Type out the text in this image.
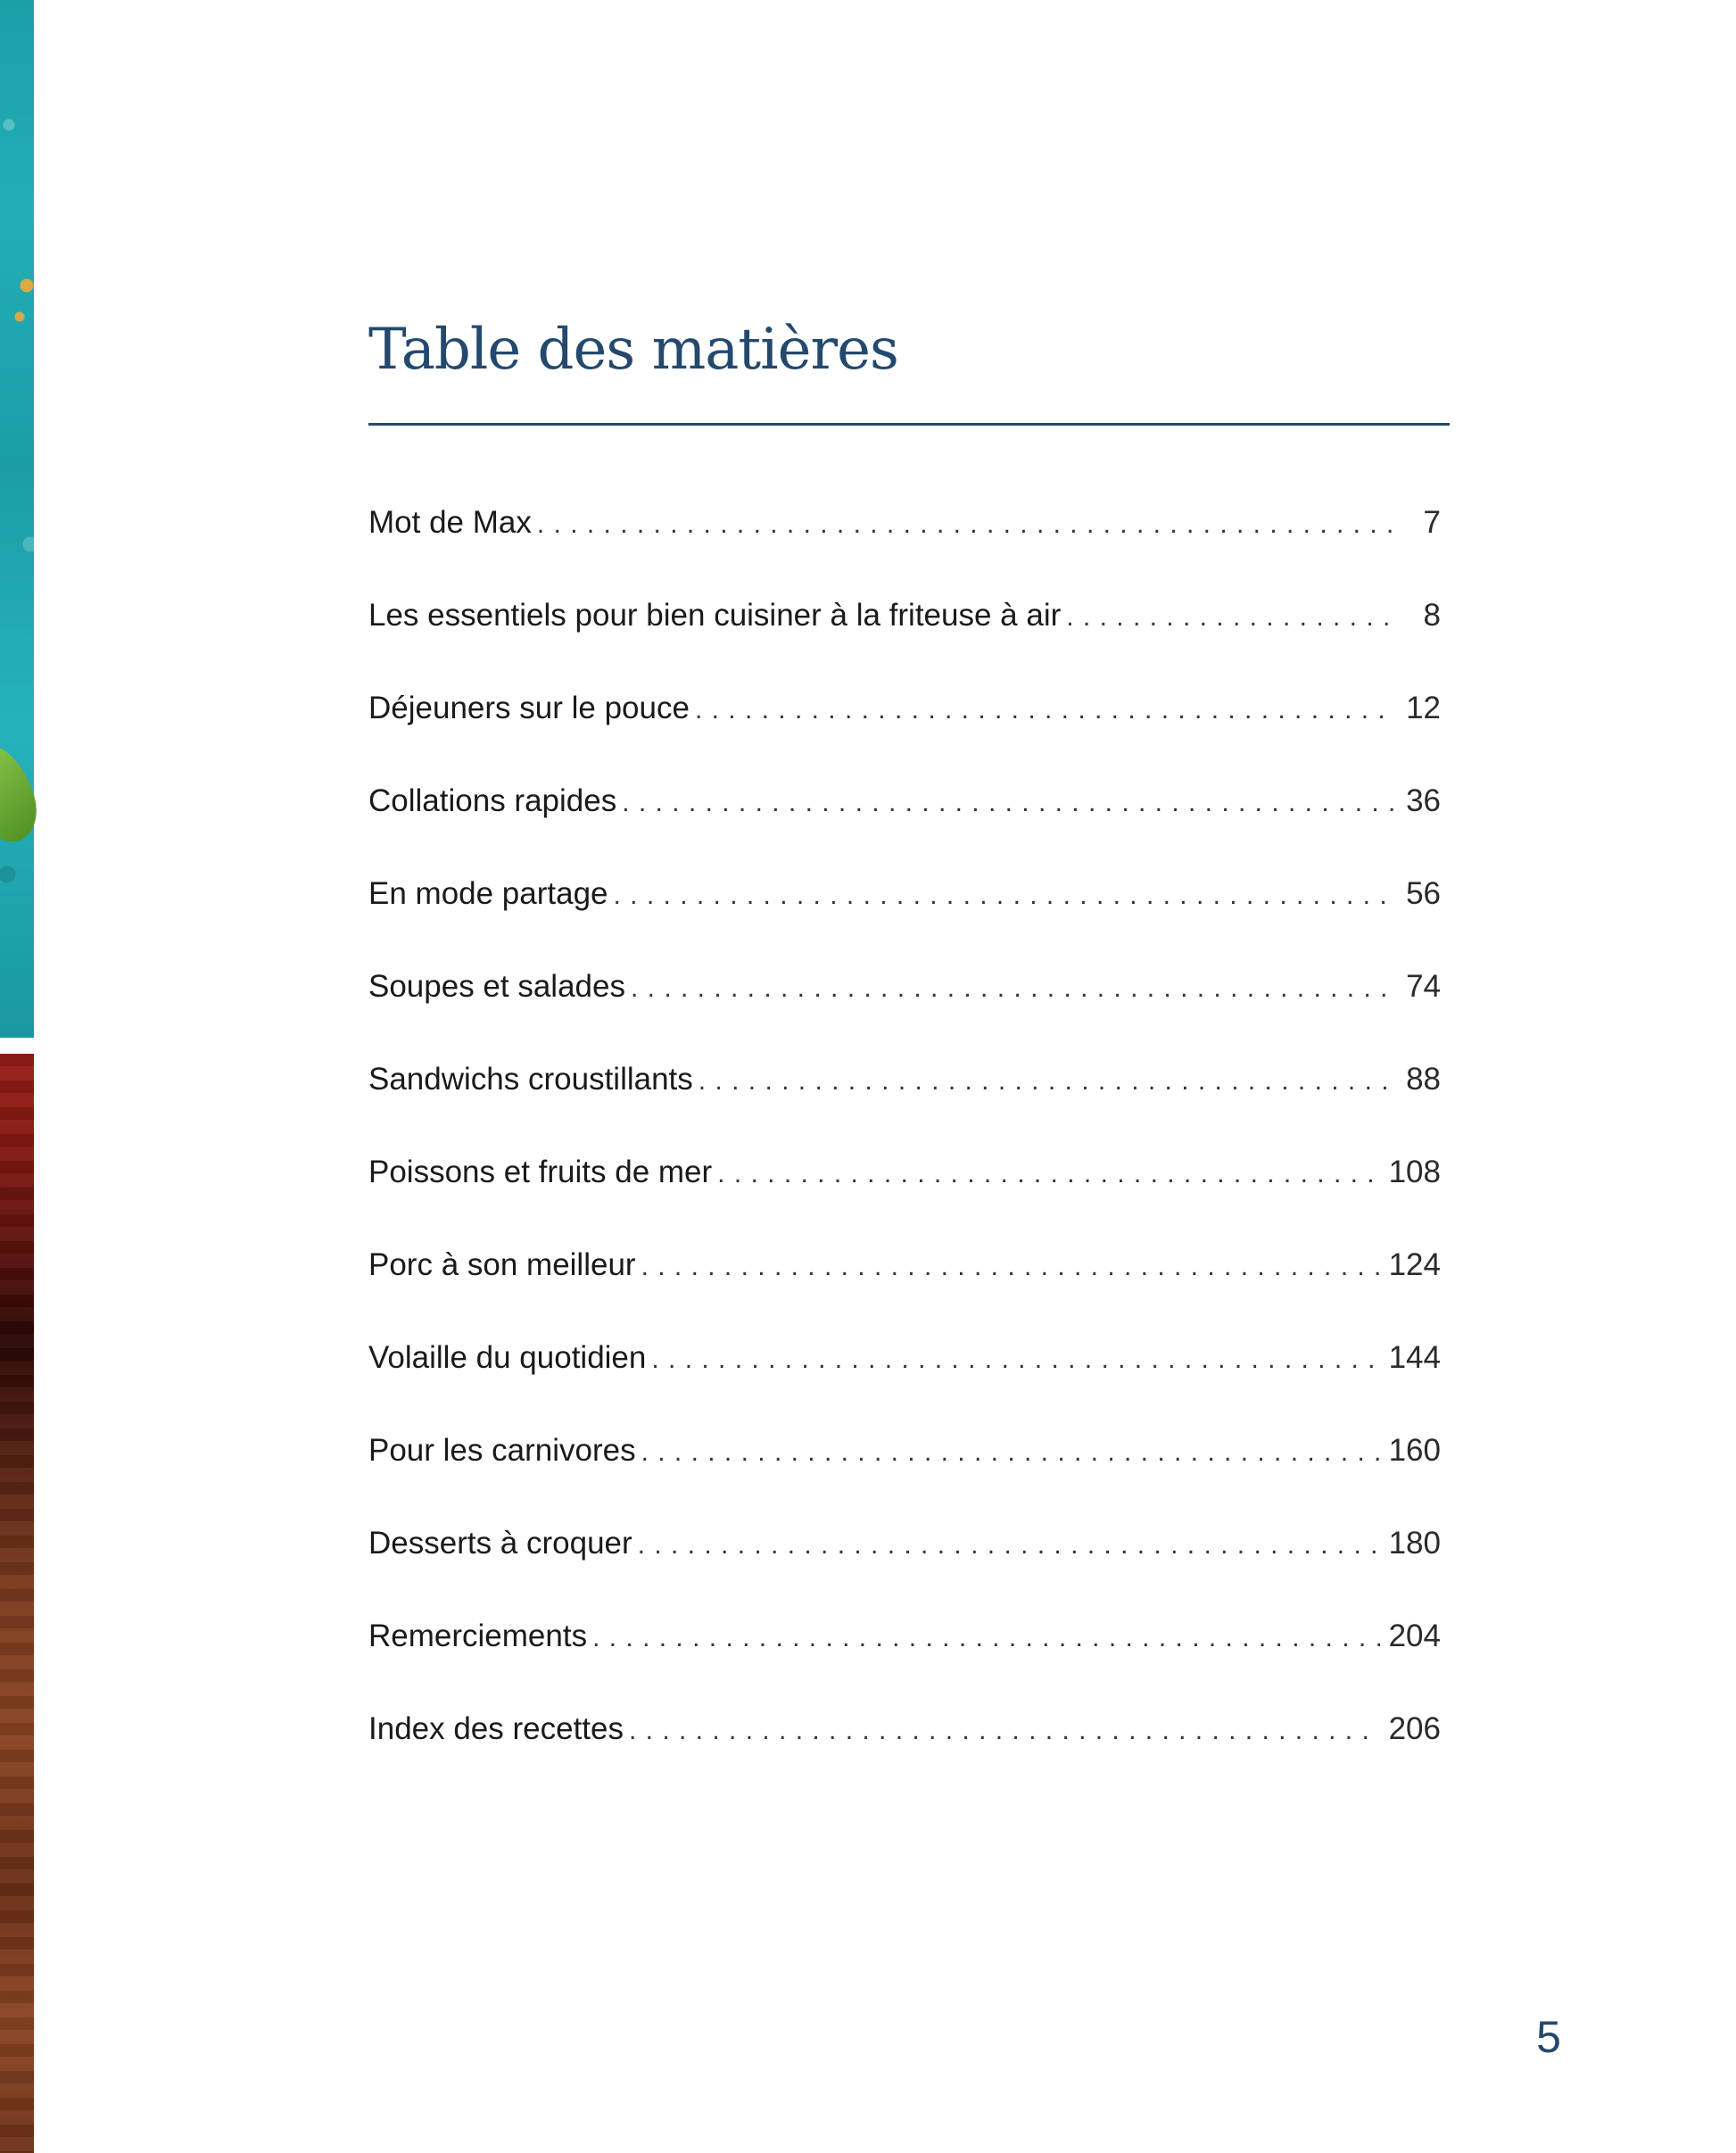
Table des matières
Mot de Max . . .	7
Les essentiels pour bien cuisiner à la friteuse à air . . .	8
Déjeuners sur le pouce . . .	12
Collations rapides . . .	36
En mode partage . . .	56
Soupes et salades . . .	74
Sandwichs croustillants . . .	88
Poissons et fruits de mer . . .	108
Porc à son meilleur . . .	124
Volaille du quotidien . . .	144
Pour les carnivores . . .	160
Desserts à croquer . . .	180
Remerciements . . .	204
Index des recettes . . .	206
5
